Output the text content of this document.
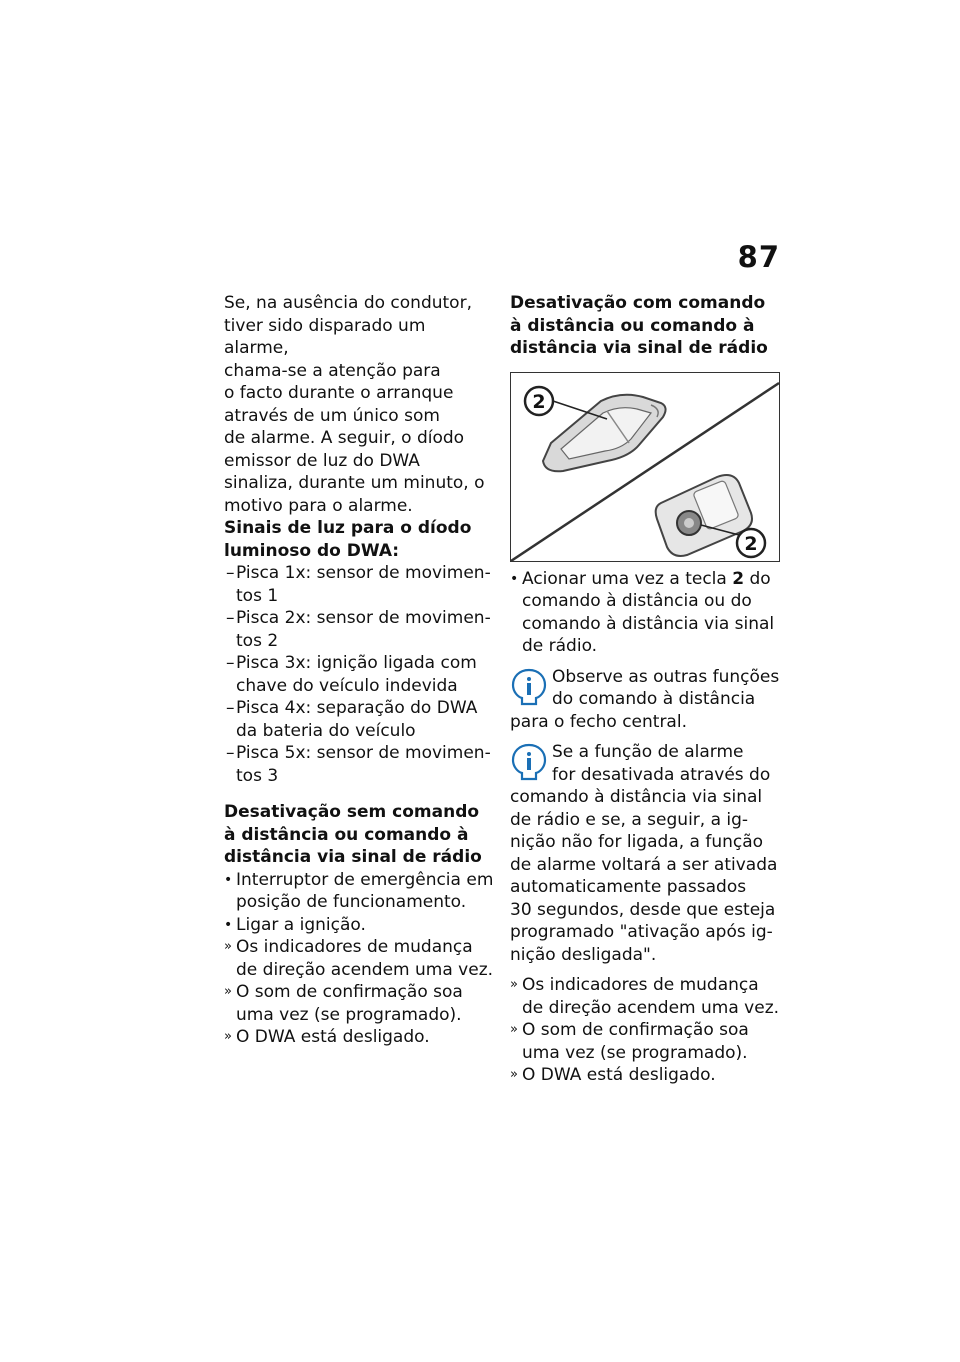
87

Se, na ausência do condutor,
tiver sido disparado um alarme,
chama-se a atenção para
o facto durante o arranque
através de um único som
de alarme. A seguir, o díodo
emissor de luz do DWA
sinaliza, durante um minuto, o
motivo para o alarme.

Sinais de luz para o díodo
luminoso do DWA:

– Pisca 1x: sensor de movimen-
tos 1
– Pisca 2x: sensor de movimen-
tos 2
– Pisca 3x: ignição ligada com
chave do veículo indevida
– Pisca 4x: separação do DWA
da bateria do veículo
– Pisca 5x: sensor de movimen-
tos 3

Desativação sem comando
à distância ou comando à
distância via sinal de rádio

• Interruptor de emergência em
posição de funcionamento.
• Ligar a ignição.
» Os indicadores de mudança
de direção acendem uma vez.
» O som de confirmação soa
uma vez (se programado).
» O DWA está desligado.

Desativação com comando
à distância ou comando à
distância via sinal de rádio

2
2
• Acionar uma vez a tecla 2 do
comando à distância ou do
comando à distância via sinal
de rádio.
Observe as outras funções
do comando à distância
para o fecho central.
Se a função de alarme
for desativada através do
comando à distância via sinal
de rádio e se, a seguir, a ig-
nição não for ligada, a função
de alarme voltará a ser ativada
automaticamente passados
30 segundos, desde que esteja
programado "ativação após ig-
nição desligada".
» Os indicadores de mudança
de direção acendem uma vez.
» O som de confirmação soa
uma vez (se programado).
» O DWA está desligado.
